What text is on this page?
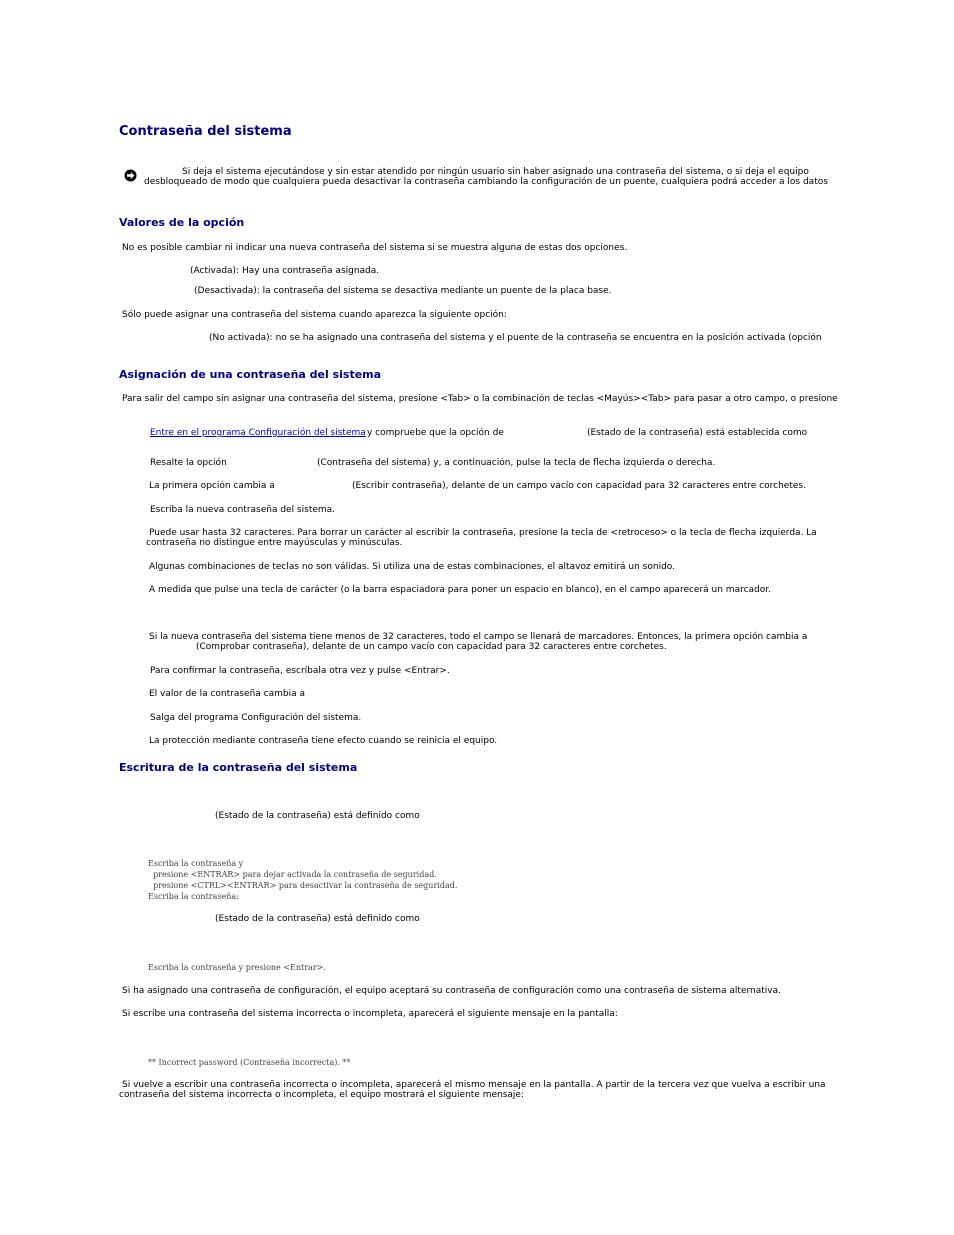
Contraseña del sistema
Si deja el sistema ejecutándose y sin estar atendido por ningún usuario sin haber asignado una contraseña del sistema, o si deja el equipo
desbloqueado de modo que cualquiera pueda desactivar la contraseña cambiando la configuración de un puente, cualquiera podrá acceder a los datos
Valores de la opción
No es posible cambiar ni indicar una nueva contraseña del sistema si se muestra alguna de estas dos opciones.
(Activada): Hay una contraseña asignada.
(Desactivada): la contraseña del sistema se desactiva mediante un puente de la placa base.
Sólo puede asignar una contraseña del sistema cuando aparezca la siguiente opción:
(No activada): no se ha asignado una contraseña del sistema y el puente de la contraseña se encuentra en la posición activada (opción
Asignación de una contraseña del sistema
Para salir del campo sin asignar una contraseña del sistema, presione <Tab> o la combinación de teclas <Mayús><Tab> para pasar a otro campo, o presione
Entre en el programa Configuración del sistema y compruebe que la opción de	(Estado de la contraseña) está establecida como
Resalte la opción	(Contraseña del sistema) y, a continuación, pulse la tecla de flecha izquierda o derecha.
La primera opción cambia a	(Escribir contraseña), delante de un campo vacío con capacidad para 32 caracteres entre corchetes.
Escriba la nueva contraseña del sistema.
Puede usar hasta 32 caracteres. Para borrar un carácter al escribir la contraseña, presione la tecla de <retroceso> o la tecla de flecha izquierda. La
contraseña no distingue entre mayúsculas y minúsculas.
Algunas combinaciones de teclas no son válidas. Si utiliza una de estas combinaciones, el altavoz emitirá un sonido.
A medida que pulse una tecla de carácter (o la barra espaciadora para poner un espacio en blanco), en el campo aparecerá un marcador.
Si la nueva contraseña del sistema tiene menos de 32 caracteres, todo el campo se llenará de marcadores. Entonces, la primera opción cambia a
(Comprobar contraseña), delante de un campo vacío con capacidad para 32 caracteres entre corchetes.
Para confirmar la contraseña, escríbala otra vez y pulse <Entrar>.
El valor de la contraseña cambia a
Salga del programa Configuración del sistema.
La protección mediante contraseña tiene efecto cuando se reinicia el equipo.
Escritura de la contraseña del sistema
(Estado de la contraseña) está definido como
Escriba la contraseña y
presione <ENTRAR> para dejar activada la contraseña de seguridad.
presione <CTRL><ENTRAR> para desactivar la contraseña de seguridad.
Escriba la contraseña:
(Estado de la contraseña) está definido como
Escriba la contraseña y presione <Entrar>.
Si ha asignado una contraseña de configuración, el equipo aceptará su contraseña de configuración como una contraseña de sistema alternativa.
Si escribe una contraseña del sistema incorrecta o incompleta, aparecerá el siguiente mensaje en la pantalla:
** Incorrect password (Contraseña incorrecta). **
Si vuelve a escribir una contraseña incorrecta o incompleta, aparecerá el mismo mensaje en la pantalla. A partir de la tercera vez que vuelva a escribir una
contraseña del sistema incorrecta o incompleta, el equipo mostrará el siguiente mensaje:
